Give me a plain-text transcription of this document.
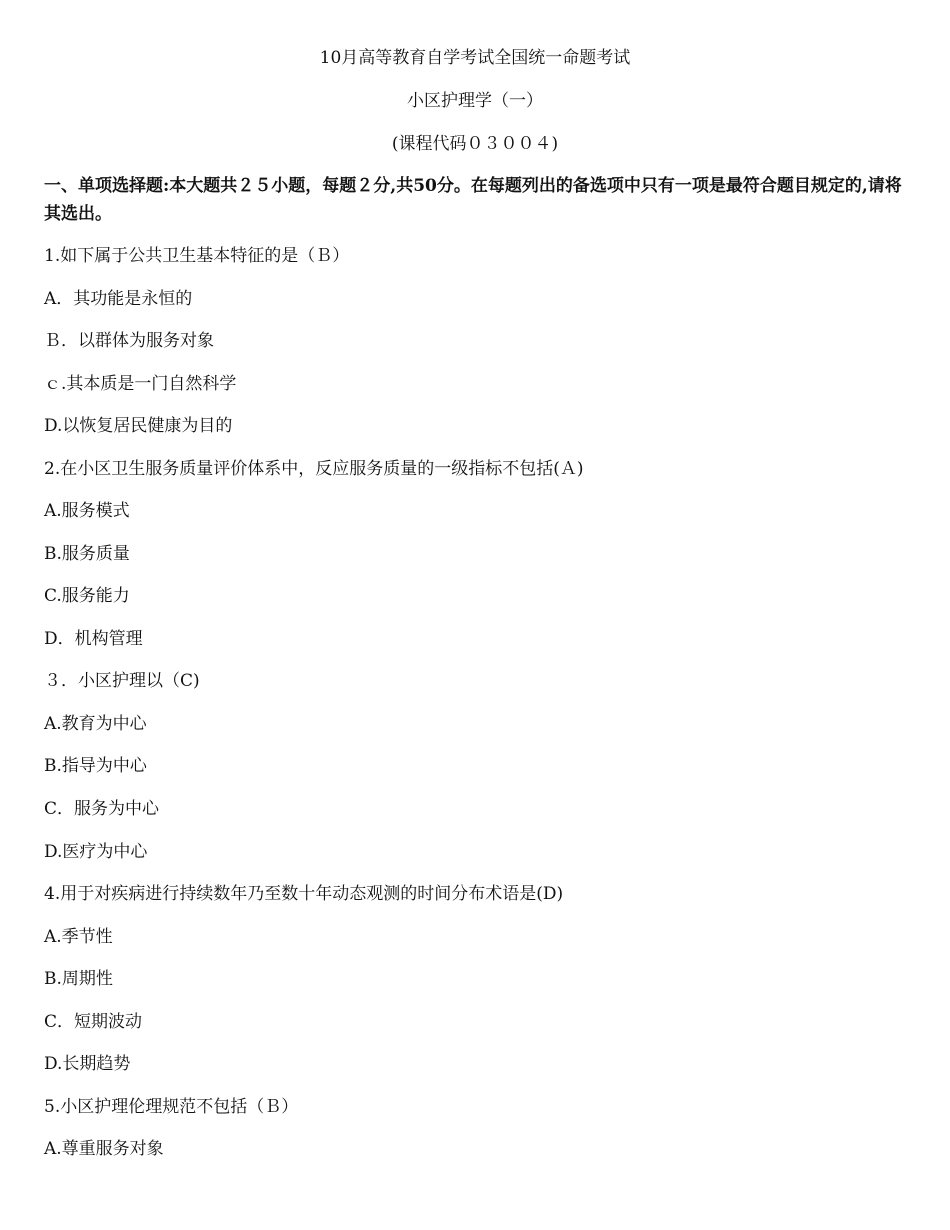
10月高等教育自学考试全国统一命题考试
小区护理学（一）
(课程代码０３００４)
一、单项选择题:本大题共２５小题，每题２分,共50分。在每题列出的备选项中只有一项是最符合题目规定的,请将其选出。
1.如下属于公共卫生基本特征的是（Ｂ）
A．其功能是永恒的
Ｂ．以群体为服务对象
ｃ.其本质是一门自然科学
D.以恢复居民健康为目的
2.在小区卫生服务质量评价体系中，反应服务质量的一级指标不包括(Ａ)
A.服务模式
B.服务质量
C.服务能力
D．机构管理
３．小区护理以（C)
A.教育为中心
B.指导为中心
C．服务为中心
D.医疗为中心
4.用于对疾病进行持续数年乃至数十年动态观测的时间分布术语是(D)
A.季节性
B.周期性
C．短期波动
D.长期趋势
5.小区护理伦理规范不包括（Ｂ）
A.尊重服务对象
